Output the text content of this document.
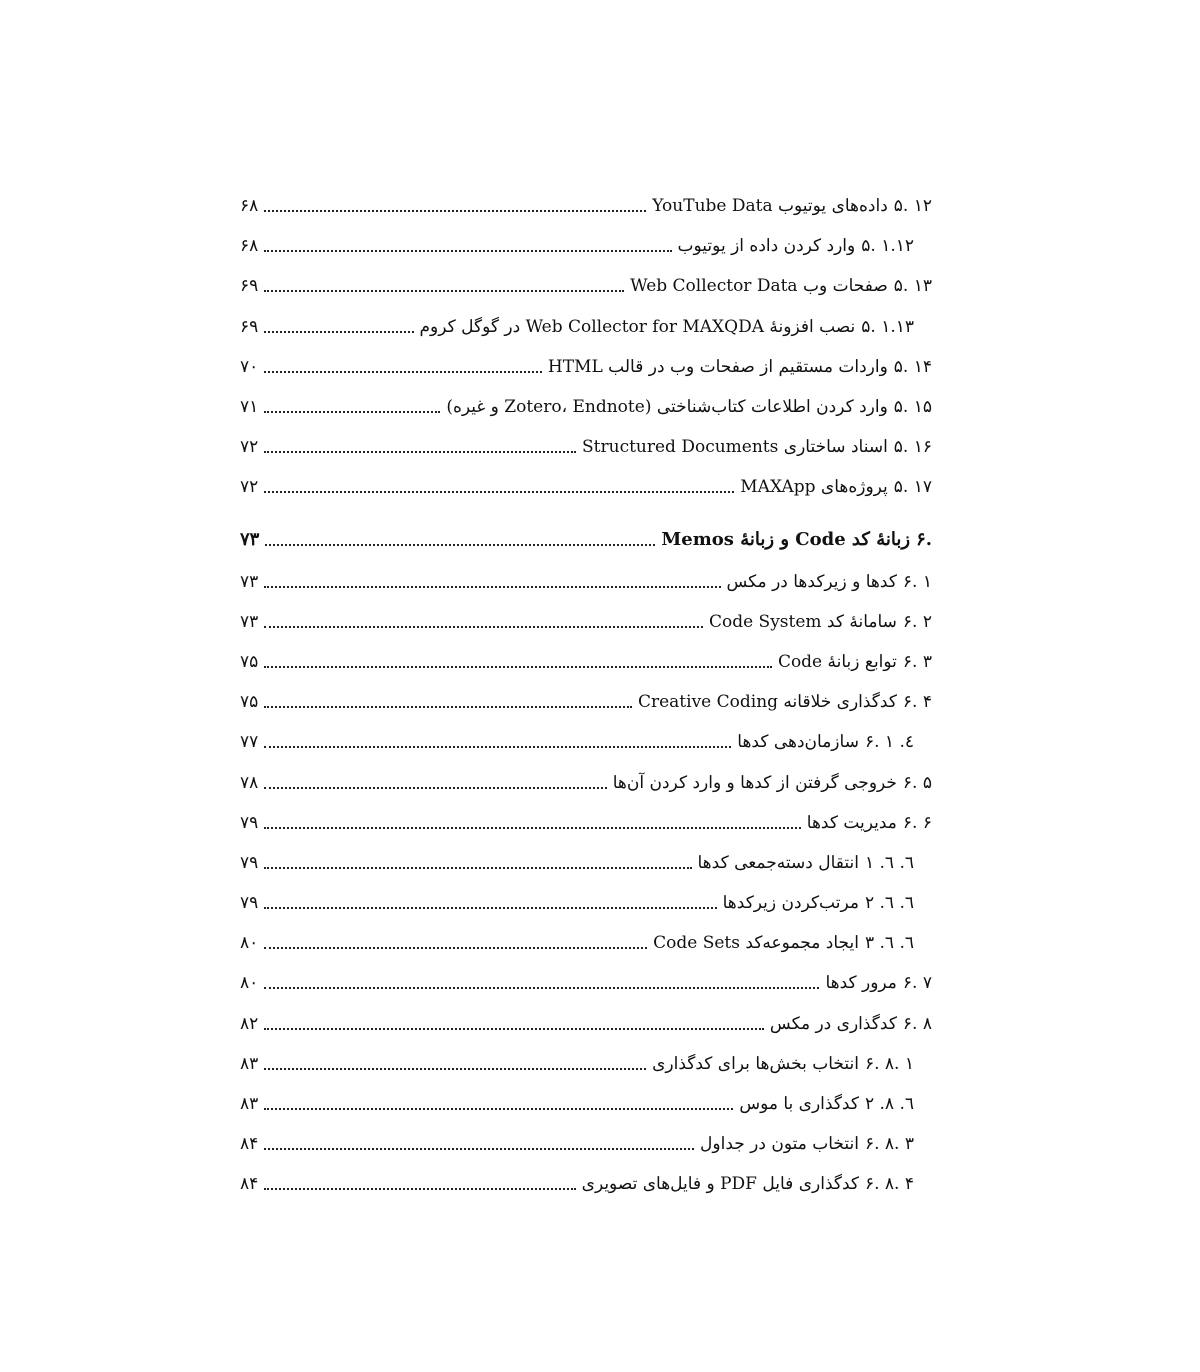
۵. ۱۲
داده‌های یوتیوب YouTube Data
۶۸
۵. ۱.۱۲
وارد کردن داده از یوتیوب
۶۸
۵. ۱۳
صفحات وب Web Collector Data
۶۹
۵. ۱.۱۳
نصب افزونهٔ Web Collector for MAXQDA در گوگل کروم
۶۹
۵. ۱۴
واردات مستقیم از صفحات وب در قالب HTML
۷۰
۵. ۱۵
وارد کردن اطلاعات کتاب‌شناختی (Zotero، Endnote و غیره)
۷۱
۵. ۱۶
اسناد ساختاری Structured Documents
۷۲
۵. ۱۷
پروژه‌های MAXApp
۷۲
۶.
زبانهٔ کد Code و زبانهٔ Memos
۷۳
۶. ۱
کدها و زیرکدها در مکس
۷۳
۶. ۲
سامانهٔ کد Code System
۷۳
۶. ۳
توابع زبانهٔ Code
۷۵
۶. ۴
کدگذاری خلاقانه Creative Coding
۷۵
۶. ٤. ١
سازمان‌دهی کدها
۷۷
۶. ۵
خروجی گرفتن از کدها و وارد کردن آن‌ها
۷۸
۶. ۶
مدیریت کدها
۷۹
٦. ٦. ١
انتقال دسته‌جمعی کدها
۷۹
٦. ٦. ٢
مرتب‌کردن زیرکدها
۷۹
٦. ٦. ٣
ایجاد مجموعه‌کد Code Sets
۸۰
۶. ۷
مرور کدها
۸۰
۶. ۸
کدگذاری در مکس
۸۲
۶. ۸. ۱
انتخاب بخش‌ها برای کدگذاری
۸۳
٦. ٨. ٢
کدگذاری با موس
۸۳
۶. ۸. ۳
انتخاب متون در جداول
۸۴
۶. ۸. ۴
کدگذاری فایل PDF و فایل‌های تصویری
۸۴
